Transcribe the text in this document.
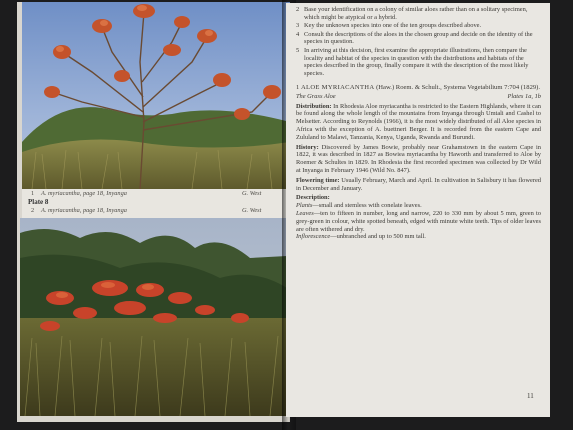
1 A. myriacantha, page 18, Inyanga	G. West
Plate 8
2 A. myriacantha, page 18, Inyanga	G. West
2 Base your identification on a colony of similar aloes rather than on a solitary specimen, which might be atypical or a hybrid.
3 Key the unknown species into one of the ten groups described above.
4 Consult the descriptions of the aloes in the chosen group and decide on the identity of the species in question.
5 In arriving at this decision, first examine the appropriate illustrations, then compare the locality and habitat of the species in question with the distributions and habitats of the species described in the group, finally compare it with the description of the most likely species.

1 ALOE MYRIACANTHA (Haw.) Roem. & Schult., Systema Vegetabilium 7:704 (1829).

The Grass Aloe	Plates 1a, 1b

Distribution: In Rhodesia Aloe myriacantha is restricted to the Eastern Highlands, where it can be found along the whole length of the mountains from Inyanga through Umtali and Cashel to Melsetter. According to Reynolds (1966), it is the most widely distributed of all Aloe species in Africa with the exception of A. buettneri Berger. It is recorded from the eastern Cape and Zululand to Malawi, Tanzania, Kenya, Uganda, Rwanda and Burundi.

History: Discovered by James Bowie, probably near Grahamstown in the eastern Cape in 1822, it was described in 1827 as Bowiea myriacantha by Haworth and transferred to Aloe by Roemer & Schultes in 1829. In Rhodesia the first recorded specimen was collected by Dr Wild at Inyanga in February 1946 (Wild No. 847).

Flowering time: Usually February, March and April. In cultivation in Salisbury it has flowered in December and January.

Description:

Plants—small and stemless with conelate leaves.

Leaves—ten to fifteen in number, long and narrow, 220 to 330 mm by about 5 mm, green to grey-green in colour, white spotted beneath, edged with minute white teeth. Tips of older leaves are often withered and dry.

Inflorescence—unbranched and up to 500 mm tall.

11
